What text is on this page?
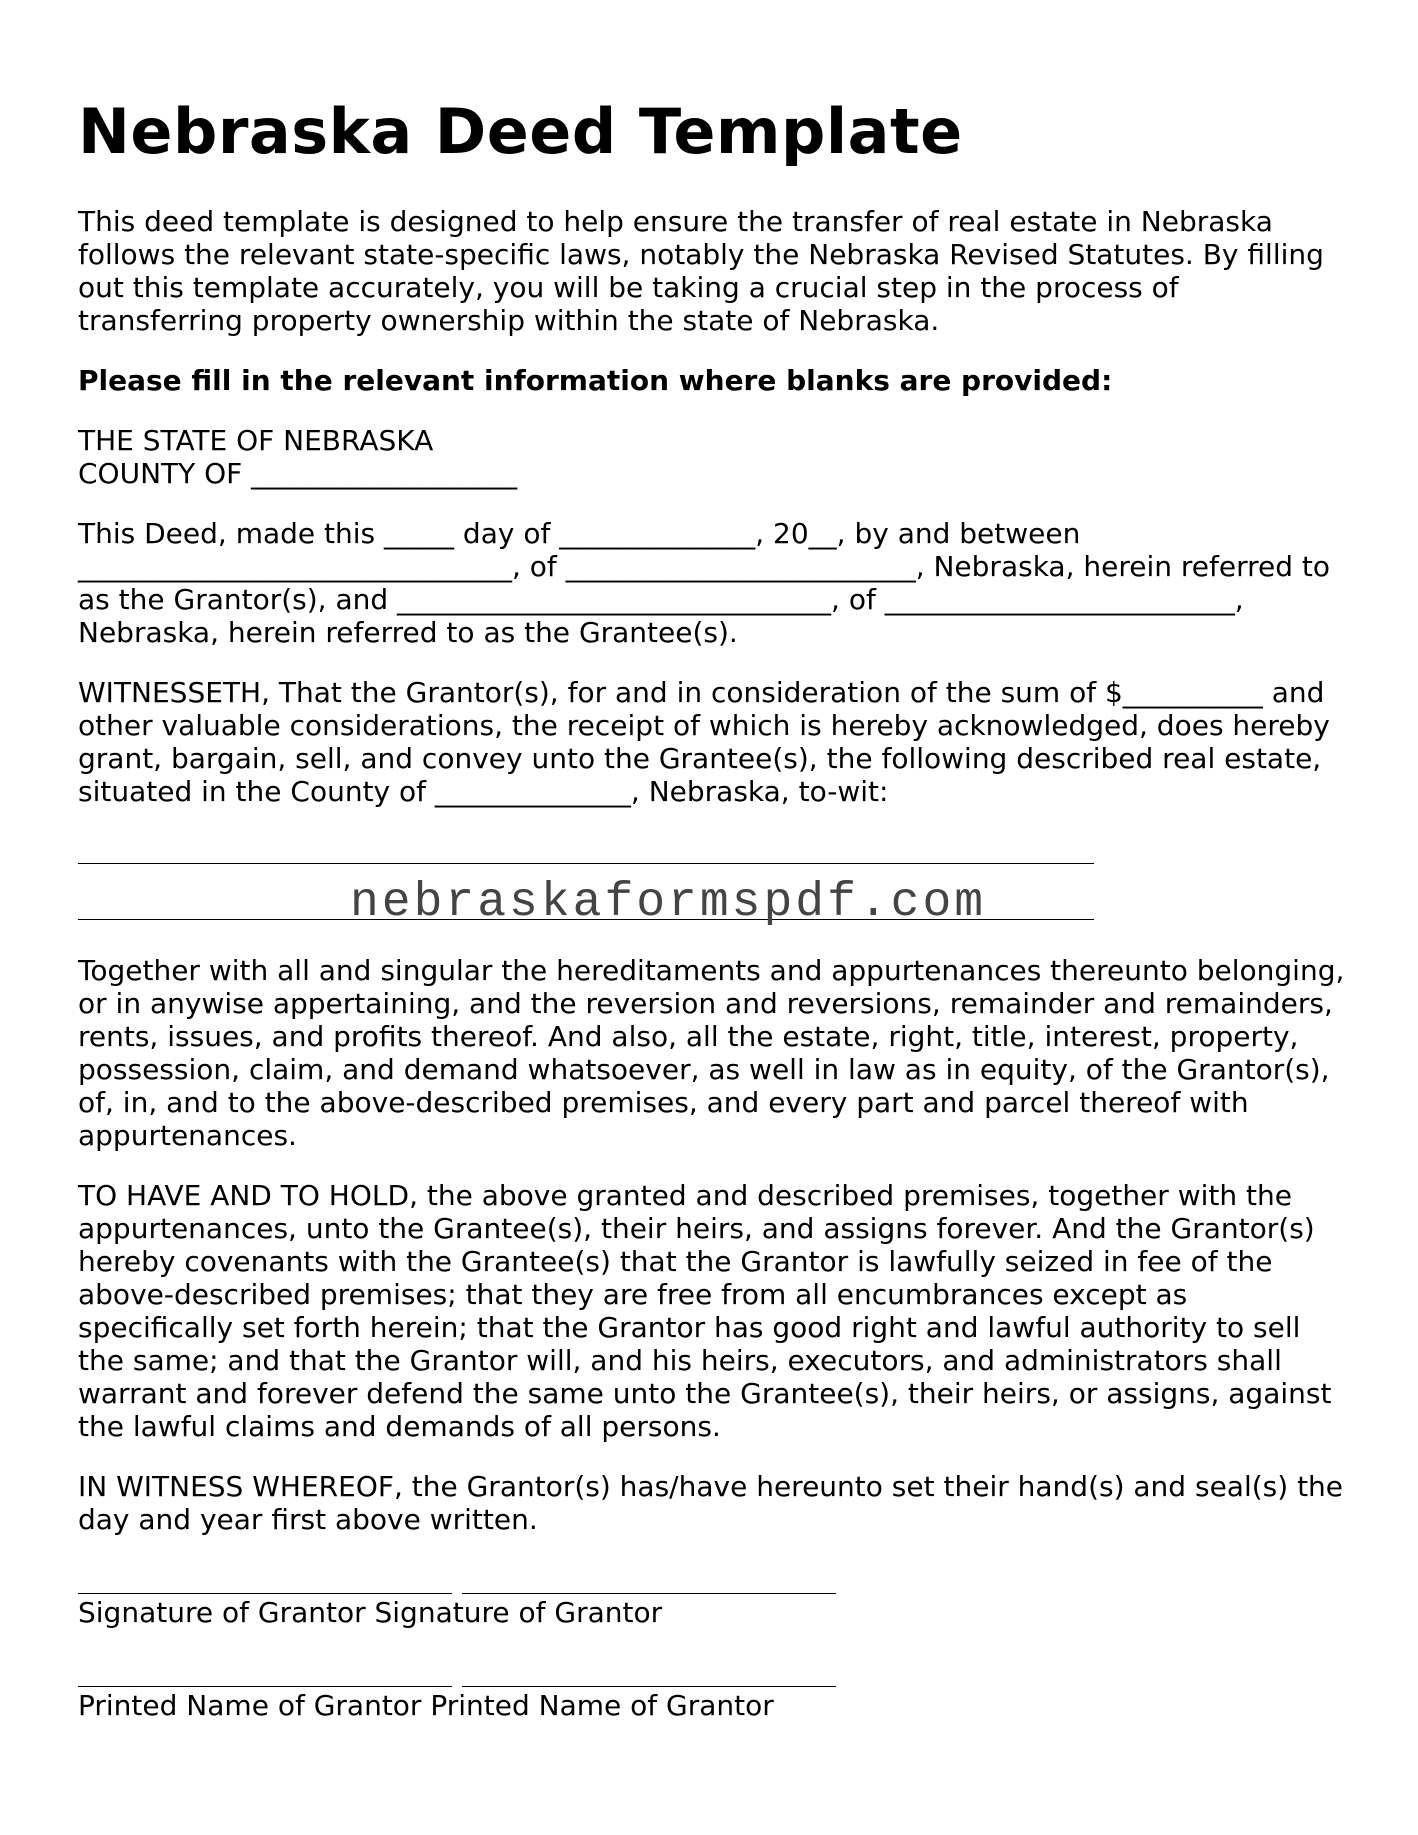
Nebraska Deed Template

This deed template is designed to help ensure the transfer of real estate in Nebraska follows the relevant state-specific laws, notably the Nebraska Revised Statutes. By filling out this template accurately, you will be taking a crucial step in the process of transferring property ownership within the state of Nebraska.

Please fill in the relevant information where blanks are provided:

THE STATE OF NEBRASKA
COUNTY OF ___________________

This Deed, made this _____ day of ______________, 20__, by and between _______________________________, of _________________________, Nebraska, herein referred to as the Grantor(s), and _______________________________, of _________________________, Nebraska, herein referred to as the Grantee(s).

WITNESSETH, That the Grantor(s), for and in consideration of the sum of $__________ and other valuable considerations, the receipt of which is hereby acknowledged, does hereby grant, bargain, sell, and convey unto the Grantee(s), the following described real estate, situated in the County of ______________, Nebraska, to-wit:

nebraskaformspdf.com

Together with all and singular the hereditaments and appurtenances thereunto belonging, or in anywise appertaining, and the reversion and reversions, remainder and remainders, rents, issues, and profits thereof. And also, all the estate, right, title, interest, property, possession, claim, and demand whatsoever, as well in law as in equity, of the Grantor(s), of, in, and to the above-described premises, and every part and parcel thereof with appurtenances.

TO HAVE AND TO HOLD, the above granted and described premises, together with the appurtenances, unto the Grantee(s), their heirs, and assigns forever. And the Grantor(s) hereby covenants with the Grantee(s) that the Grantor is lawfully seized in fee of the above-described premises; that they are free from all encumbrances except as specifically set forth herein; that the Grantor has good right and lawful authority to sell the same; and that the Grantor will, and his heirs, executors, and administrators shall warrant and forever defend the same unto the Grantee(s), their heirs, or assigns, against the lawful claims and demands of all persons.

IN WITNESS WHEREOF, the Grantor(s) has/have hereunto set their hand(s) and seal(s) the day and year first above written.

Signature of Grantor Signature of Grantor
Printed Name of Grantor Printed Name of Grantor
